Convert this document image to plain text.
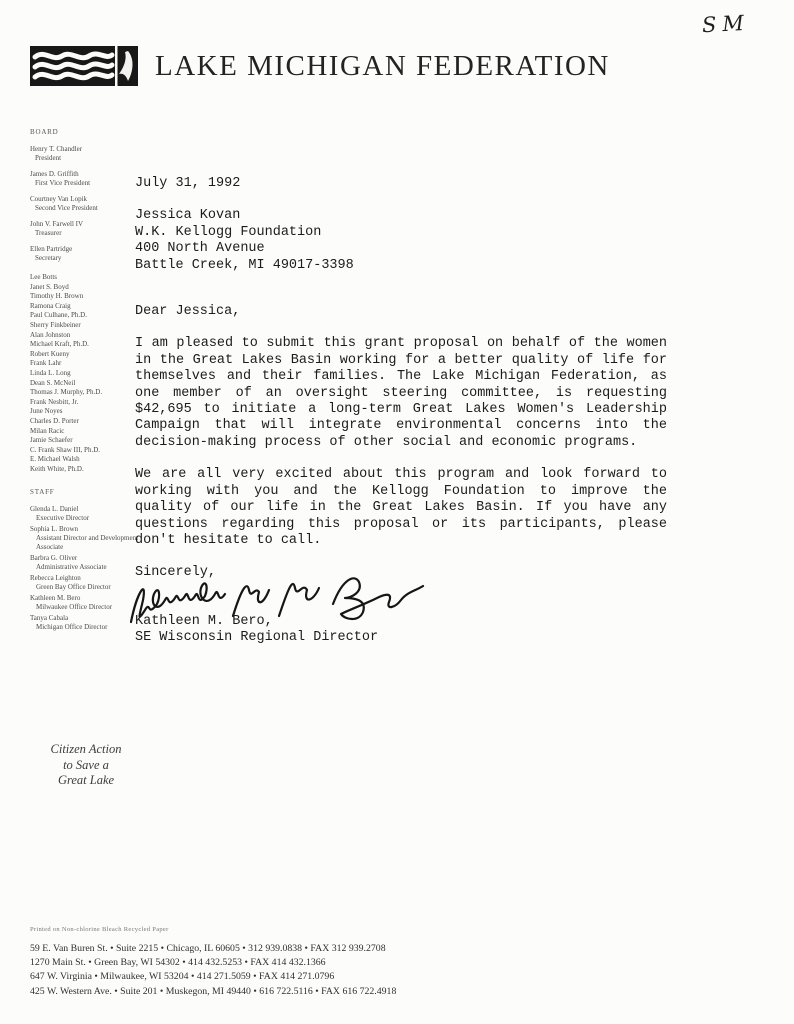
SM
LAKE MICHIGAN FEDERATION
BOARD
Henry T. Chandler
President
James D. Griffith
First Vice President
Courtney Van Lopik
Second Vice President
John V. Farwell IV
Treasurer
Ellen Partridge
Secretary
Lee Botts
Janet S. Boyd
Timothy H. Brown
Ramona Craig
Paul Culhane, Ph.D.
Sherry Finkbeiner
Alan Johnston
Michael Kraft, Ph.D.
Robert Kueny
Frank Lahr
Linda L. Long
Dean S. McNeil
Thomas J. Murphy, Ph.D.
Frank Nesbitt, Jr.
June Noyes
Charles D. Porter
Milan Racic
Jamie Schaefer
C. Frank Shaw III, Ph.D.
E. Michael Walsh
Keith White, Ph.D.
STAFF
Glenda L. Daniel
Executive Director
Sophia L. Brown
Assistant Director and Development Associate
Barbra G. Oliver
Administrative Associate
Rebecca Leighton
Green Bay Office Director
Kathleen M. Bero
Milwaukee Office Director
Tanya Cabala
Michigan Office Director
Citizen Action
to Save a
Great Lake
July 31, 1992
Jessica Kovan
W.K. Kellogg Foundation
400 North Avenue
Battle Creek, MI 49017-3398
Dear Jessica,

I am pleased to submit this grant proposal on behalf of the women in the Great Lakes Basin working for a better quality of life for themselves and their families. The Lake Michigan Federation, as one member of an oversight steering committee, is requesting $42,695 to initiate a long-term Great Lakes Women's Leadership Campaign that will integrate environmental concerns into the decision-making process of other social and economic programs.

We are all very excited about this program and look forward to working with you and the Kellogg Foundation to improve the quality of our life in the Great Lakes Basin. If you have any questions regarding this proposal or its participants, please don't hesitate to call.

Sincerely,
Kathleen M. Bero,
SE Wisconsin Regional Director
Printed on Non-chlorine Bleach Recycled Paper
59 E. Van Buren St. • Suite 2215 • Chicago, IL 60605 • 312 939.0838 • FAX 312 939.2708
1270 Main St. • Green Bay, WI 54302 • 414 432.5253 • FAX 414 432.1366
647 W. Virginia • Milwaukee, WI 53204 • 414 271.5059 • FAX 414 271.0796
425 W. Western Ave. • Suite 201 • Muskegon, MI 49440 • 616 722.5116 • FAX 616 722.4918
